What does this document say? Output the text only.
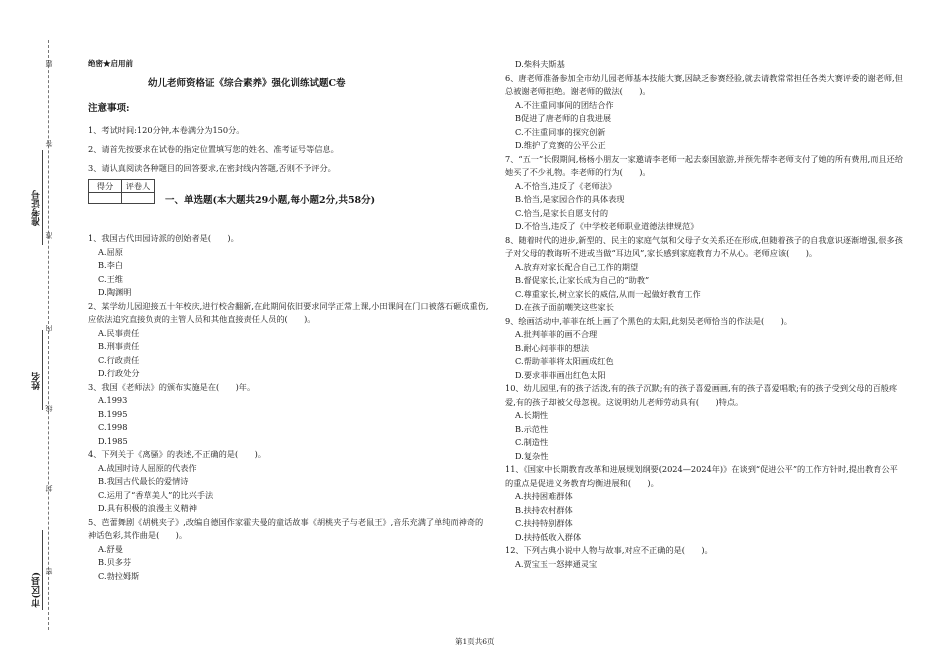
准考证号
姓名
市(区县)
题
答
准
内
线
封
密
绝密★启用前
幼儿老师资格证《综合素养》强化训练试题C卷
注意事项:
1、考试时间:120分钟,本卷满分为150分。
2、请首先按要求在试卷的指定位置填写您的姓名、准考证号等信息。
3、请认真阅读各种题目的回答要求,在密封线内答题,否则不予评分。
得分	评卷人

一、单选题(本大题共29小题,每小题2分,共58分)
1、我国古代田园诗派的创始者是(　　)。
A.屈原
B.李白
C.王维
D.陶渊明
2、某学幼儿园迎接五十年校庆,进行校舍翻新,在此期间依旧要求同学正常上课,小田课间在门口被落石砸成重伤,应依法追究直接负责的主管人员和其他直接责任人员的(　　)。
A.民事责任
B.刑事责任
C.行政责任
D.行政处分
3、我国《老师法》的颁布实施是在(　　)年。
A.1993
B.1995
C.1998
D.1985
4、下列关于《离骚》的表述,不正确的是(　　)。
A.战国时诗人屈原的代表作
B.我国古代最长的爱情诗
C.运用了“香草美人”的比兴手法
D.具有积极的浪漫主义精神
5、芭蕾舞剧《胡桃夹子》,改编自德国作家霍夫曼的童话故事《胡桃夹子与老鼠王》,音乐充满了单纯而神奇的神话色彩,其作曲是(　　)。
A.舒曼
B.贝多芬
C.勃拉姆斯
D.柴科夫斯基
6、唐老师准备参加全市幼儿园老师基本技能大赛,因缺乏参赛经验,就去请教常常担任各类大赛评委的谢老师,但总被谢老师拒绝。谢老师的做法(　　)。
A.不注重同事间的团结合作
B促进了唐老师的自我进展
C.不注重同事的探究创新
D.维护了竞赛的公平公正
7、“五一”长假期间,杨杨小朋友一家邀请李老师一起去泰国旅游,并预先帮李老师支付了她的所有费用,而且还给她买了不少礼物。李老师的行为(　　)。
A.不恰当,违反了《老师法》
B.恰当,是家园合作的具体表现
C.恰当,是家长自愿支付的
D.不恰当,违反了《中学校老师职业道德法律规范》
8、随着时代的进步,新型的、民主的家庭气氛和父母子女关系还在形成,但随着孩子的自我意识逐渐增强,很多孩子对父母的教诲听不进或当做“耳边风”,家长感到家庭教育力不从心。老师应该(　　)。
A.放弃对家长配合自己工作的期望
B.督促家长,让家长成为自己的“助教”
C.尊重家长,树立家长的威信,从而一起做好教育工作
D.在孩子面前嘲笑这些家长
9、绘画活动中,菲菲在纸上画了个黑色的太阳,此刻吴老师恰当的作法是(　　)。
A.批判菲菲的画不合理
B.耐心问菲菲的想法
C.帮助菲菲将太阳画成红色
D.要求菲菲画出红色太阳
10、幼儿园里,有的孩子活泼,有的孩子沉默;有的孩子喜爱画画,有的孩子喜爱唱歌;有的孩子受到父母的百般疼爱,有的孩子却被父母忽视。这说明幼儿老师劳动具有(　　)特点。
A.长期性
B.示范性
C.制造性
D.复杂性
11、《国家中长期教育改革和进展规划纲要(2024—2024年)》在谈到“促进公平”的工作方针时,提出教育公平的重点是促进义务教育均衡进展和(　　)。
A.扶持困难群体
B.扶持农村群体
C.扶持特别群体
D.扶持低收入群体
12、下列古典小说中人物与故事,对应不正确的是(　　)。
A.贾宝玉一怒摔通灵宝
第1页共6页
